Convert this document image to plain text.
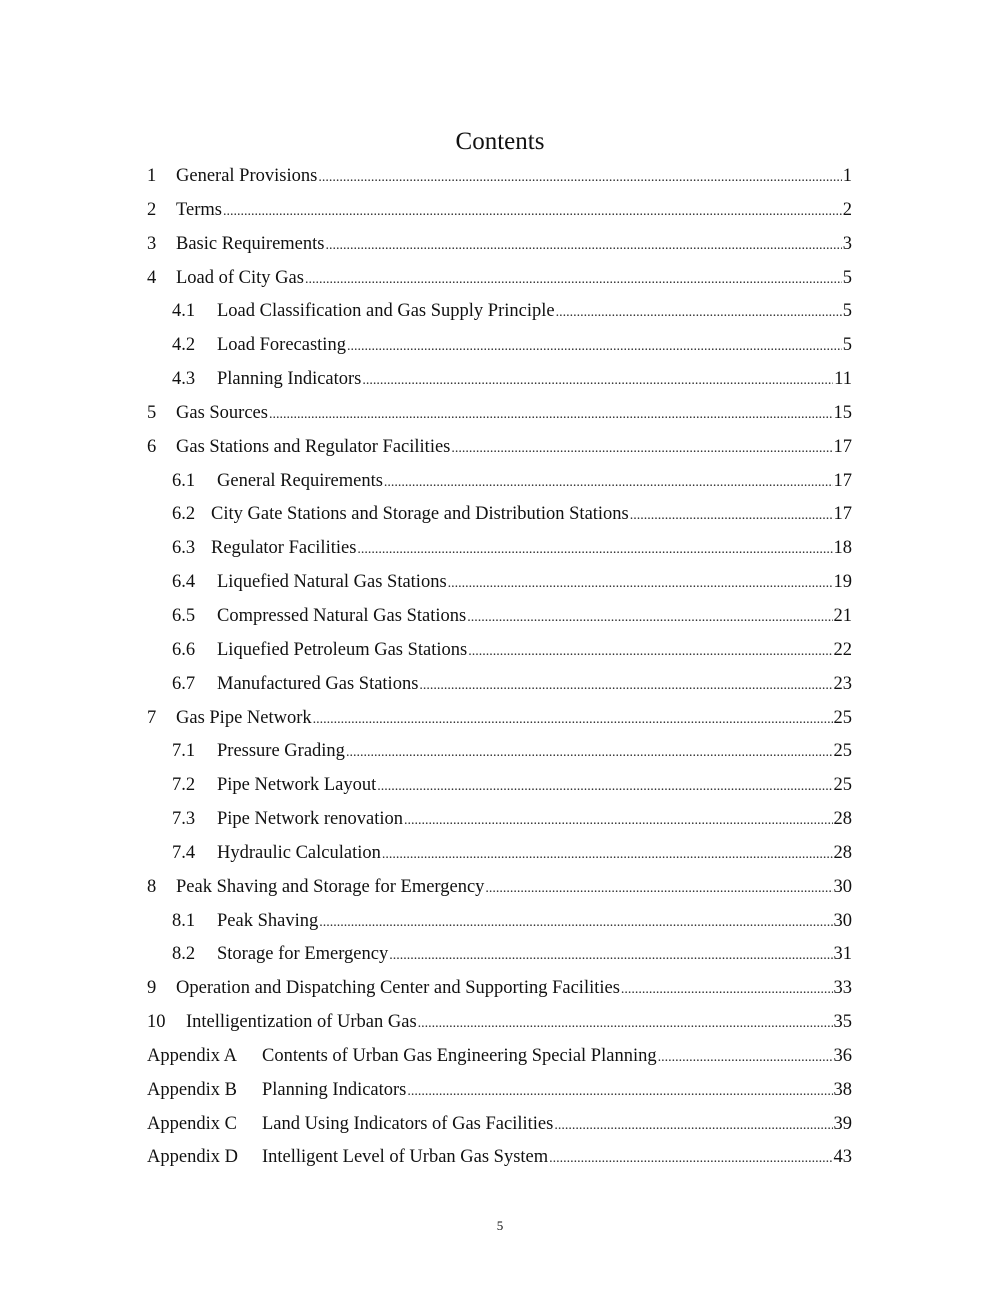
Contents
1	General Provisions .....	1
2	Terms .....	2
3	Basic Requirements .....	3
4	Load of City Gas .....	5
4.1	Load Classification and Gas Supply Principle .....	5
4.2	Load Forecasting .....	5
4.3	Planning Indicators .....	11
5	Gas Sources .....	15
6	Gas Stations and Regulator Facilities .....	17
6.1	General Requirements .....	17
6.2 City Gate Stations and Storage and Distribution Stations .....	17
6.3 Regulator Facilities .....	18
6.4	Liquefied Natural Gas Stations .....	19
6.5	Compressed Natural Gas Stations .....	21
6.6	Liquefied Petroleum Gas Stations .....	22
6.7	Manufactured Gas Stations .....	23
7	Gas Pipe Network .....	25
7.1	Pressure Grading .....	25
7.2	Pipe Network Layout .....	25
7.3	Pipe Network renovation .....	28
7.4	Hydraulic Calculation .....	28
8	Peak Shaving and Storage for Emergency .....	30
8.1	Peak Shaving .....	30
8.2	Storage for Emergency .....	31
9	Operation and Dispatching Center and Supporting Facilities .....	33
10	Intelligentization of Urban Gas .....	35
Appendix A	Contents of Urban Gas Engineering Special Planning .....	36
Appendix B	Planning Indicators .....	38
Appendix C	Land Using Indicators of Gas Facilities .....	39
Appendix D	Intelligent Level of Urban Gas System .....	43
5
